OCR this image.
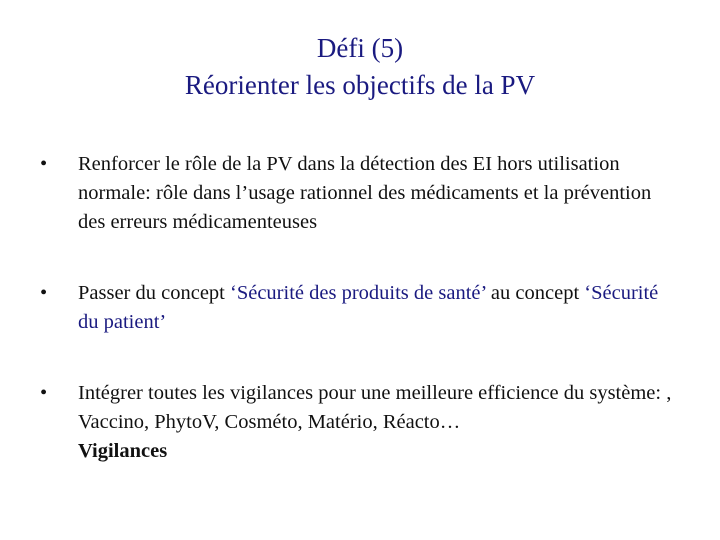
Défi (5)
Réorienter les objectifs de la PV
•	Renforcer le rôle de la PV dans la détection des EI hors utilisation normale: rôle dans l’usage rationnel des médicaments et la prévention des erreurs médicamenteuses
•	Passer du concept ‘Sécurité des produits de santé’ au concept ‘Sécurité du patient’
•	Intégrer toutes les vigilances pour une meilleure efficience du système: , Vaccino, PhytoV, Cosméto, Matério, Réacto…
Vigilances
